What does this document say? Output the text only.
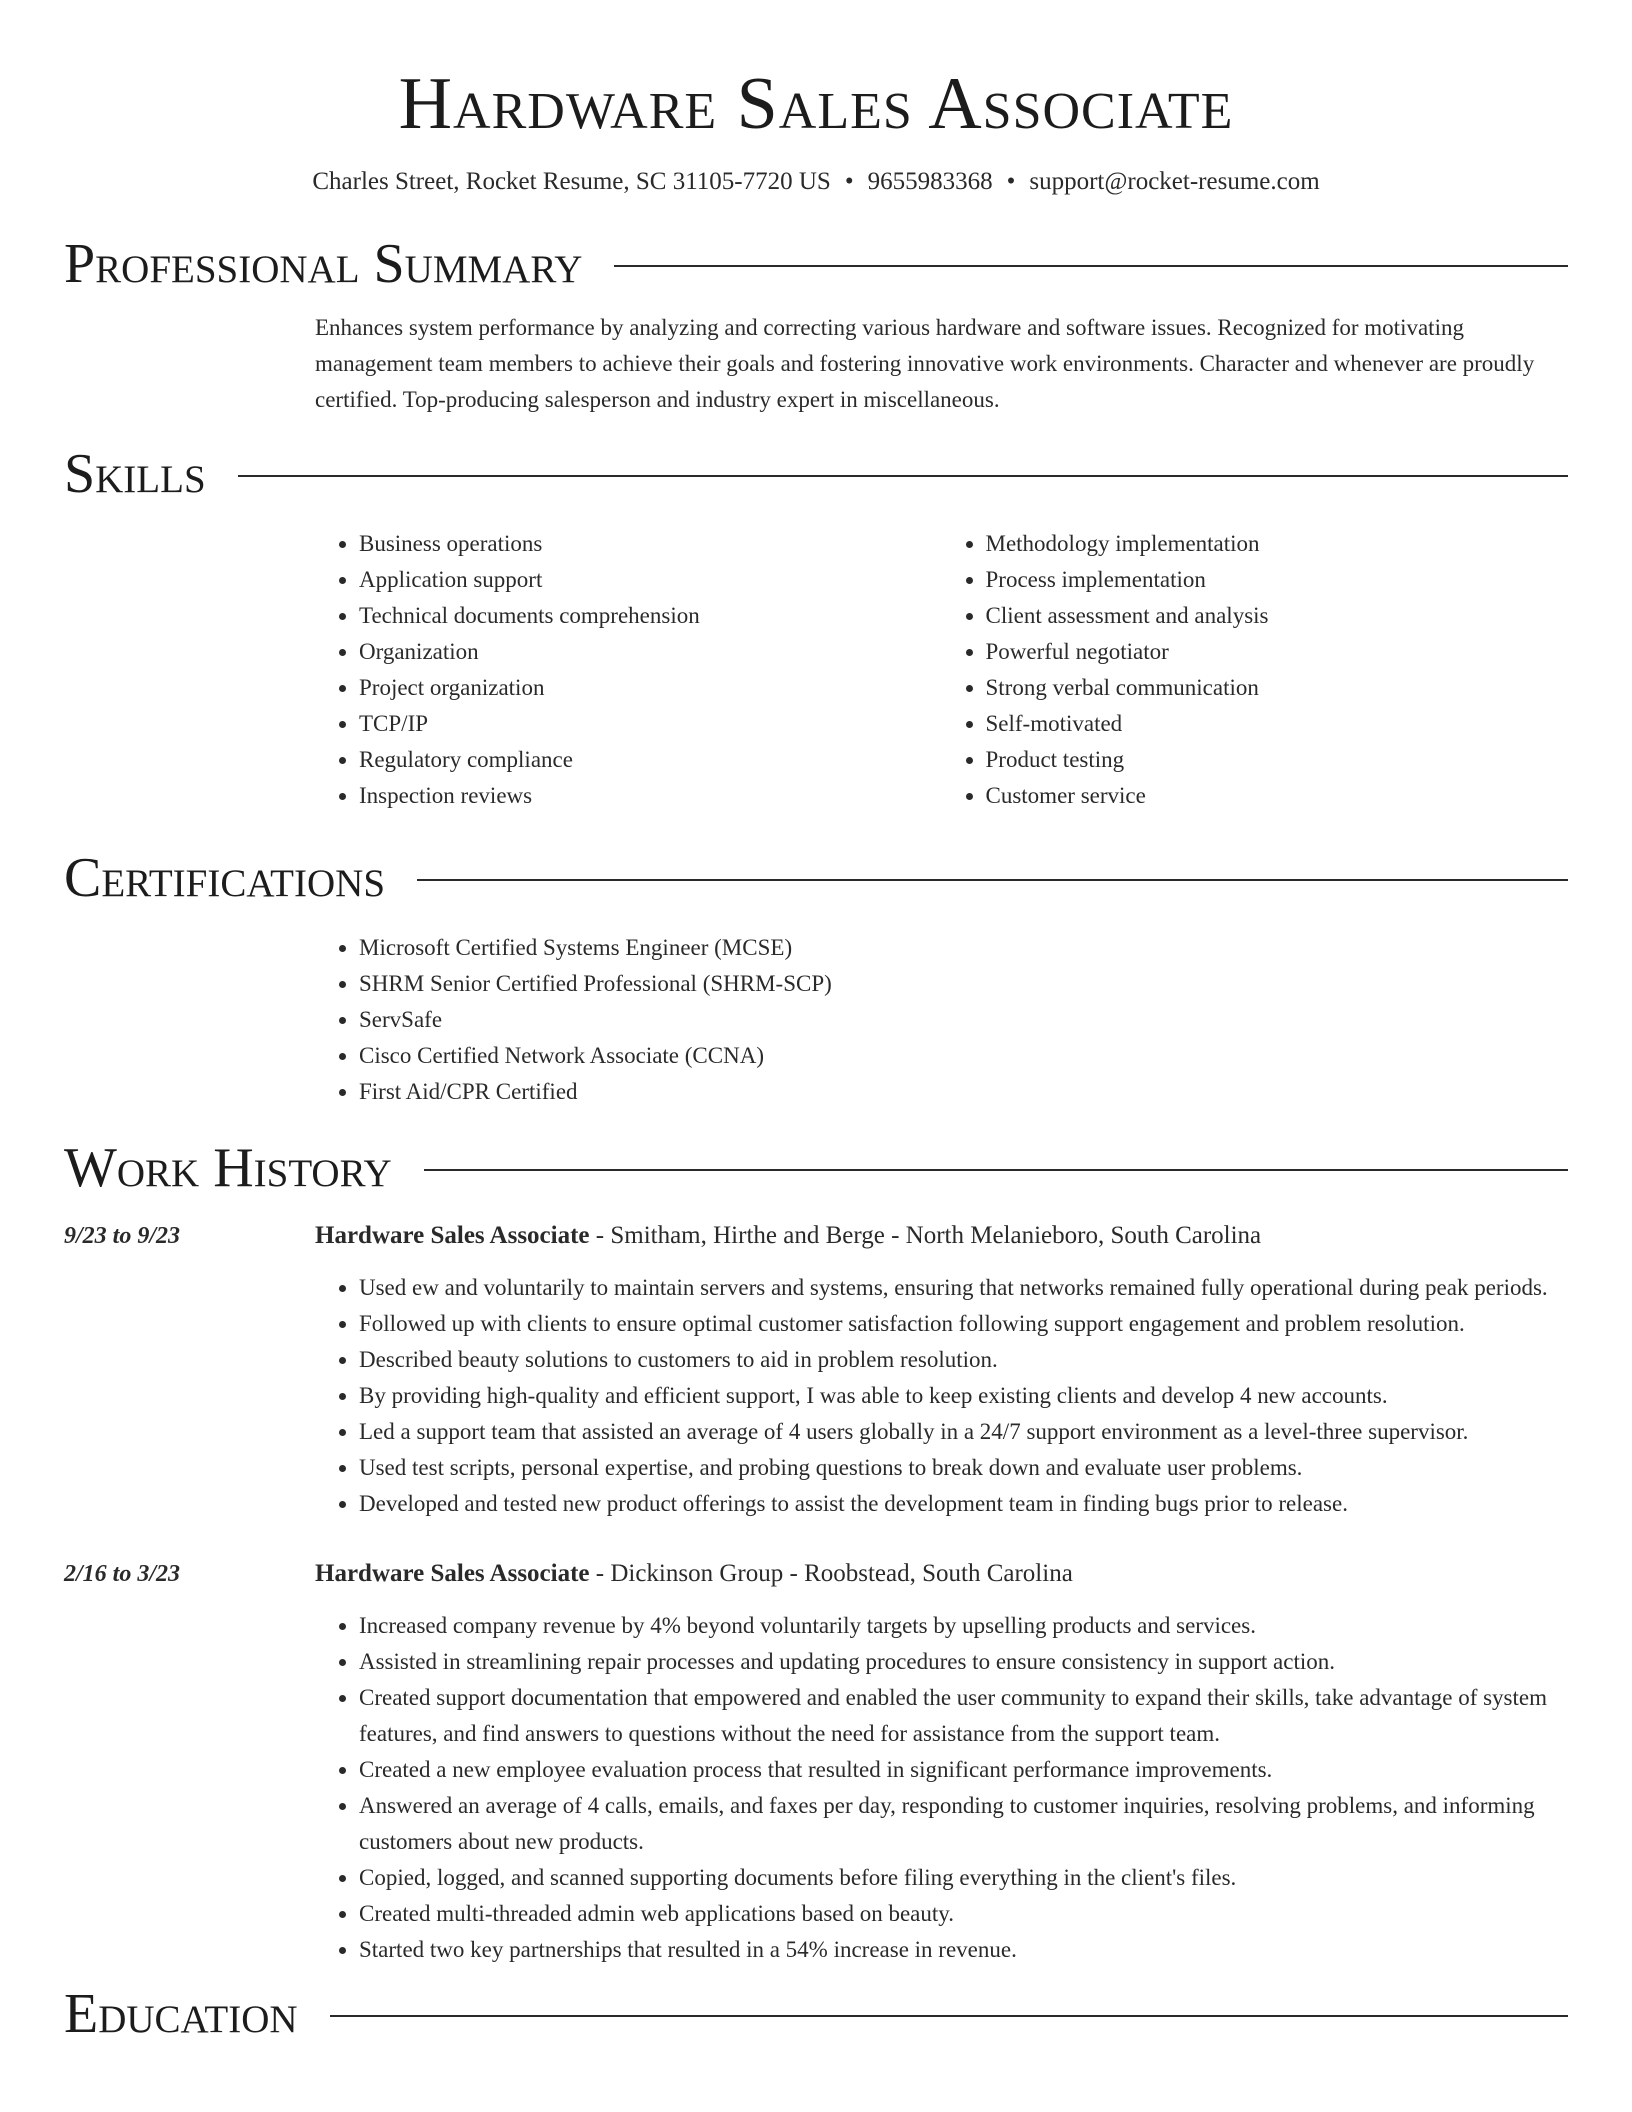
Hardware Sales Associate
Charles Street, Rocket Resume, SC 31105-7720 US • 9655983368 • support@rocket-resume.com
Professional Summary

Enhances system performance by analyzing and correcting various hardware and software issues. Recognized for motivating management team members to achieve their goals and fostering innovative work environments. Character and whenever are proudly certified. Top-producing salesperson and industry expert in miscellaneous.

Skills
• Business operations
• Application support
• Technical documents comprehension
• Organization
• Project organization
• TCP/IP
• Regulatory compliance
• Inspection reviews
• Methodology implementation
• Process implementation
• Client assessment and analysis
• Powerful negotiator
• Strong verbal communication
• Self-motivated
• Product testing
• Customer service
Certifications
• Microsoft Certified Systems Engineer (MCSE)
• SHRM Senior Certified Professional (SHRM-SCP)
• ServSafe
• Cisco Certified Network Associate (CCNA)
• First Aid/CPR Certified
Work History
9/23 to 9/23	Hardware Sales Associate - Smitham, Hirthe and Berge - North Melanieboro, South Carolina
• Used ew and voluntarily to maintain servers and systems, ensuring that networks remained fully operational during peak periods.
• Followed up with clients to ensure optimal customer satisfaction following support engagement and problem resolution.
• Described beauty solutions to customers to aid in problem resolution.
• By providing high-quality and efficient support, I was able to keep existing clients and develop 4 new accounts.
• Led a support team that assisted an average of 4 users globally in a 24/7 support environment as a level-three supervisor.
• Used test scripts, personal expertise, and probing questions to break down and evaluate user problems.
• Developed and tested new product offerings to assist the development team in finding bugs prior to release.
2/16 to 3/23	Hardware Sales Associate - Dickinson Group - Roobstead, South Carolina
• Increased company revenue by 4% beyond voluntarily targets by upselling products and services.
• Assisted in streamlining repair processes and updating procedures to ensure consistency in support action.
• Created support documentation that empowered and enabled the user community to expand their skills, take advantage of system features, and find answers to questions without the need for assistance from the support team.
• Created a new employee evaluation process that resulted in significant performance improvements.
• Answered an average of 4 calls, emails, and faxes per day, responding to customer inquiries, resolving problems, and informing customers about new products.
• Copied, logged, and scanned supporting documents before filing everything in the client's files.
• Created multi-threaded admin web applications based on beauty.
• Started two key partnerships that resulted in a 54% increase in revenue.
Education
